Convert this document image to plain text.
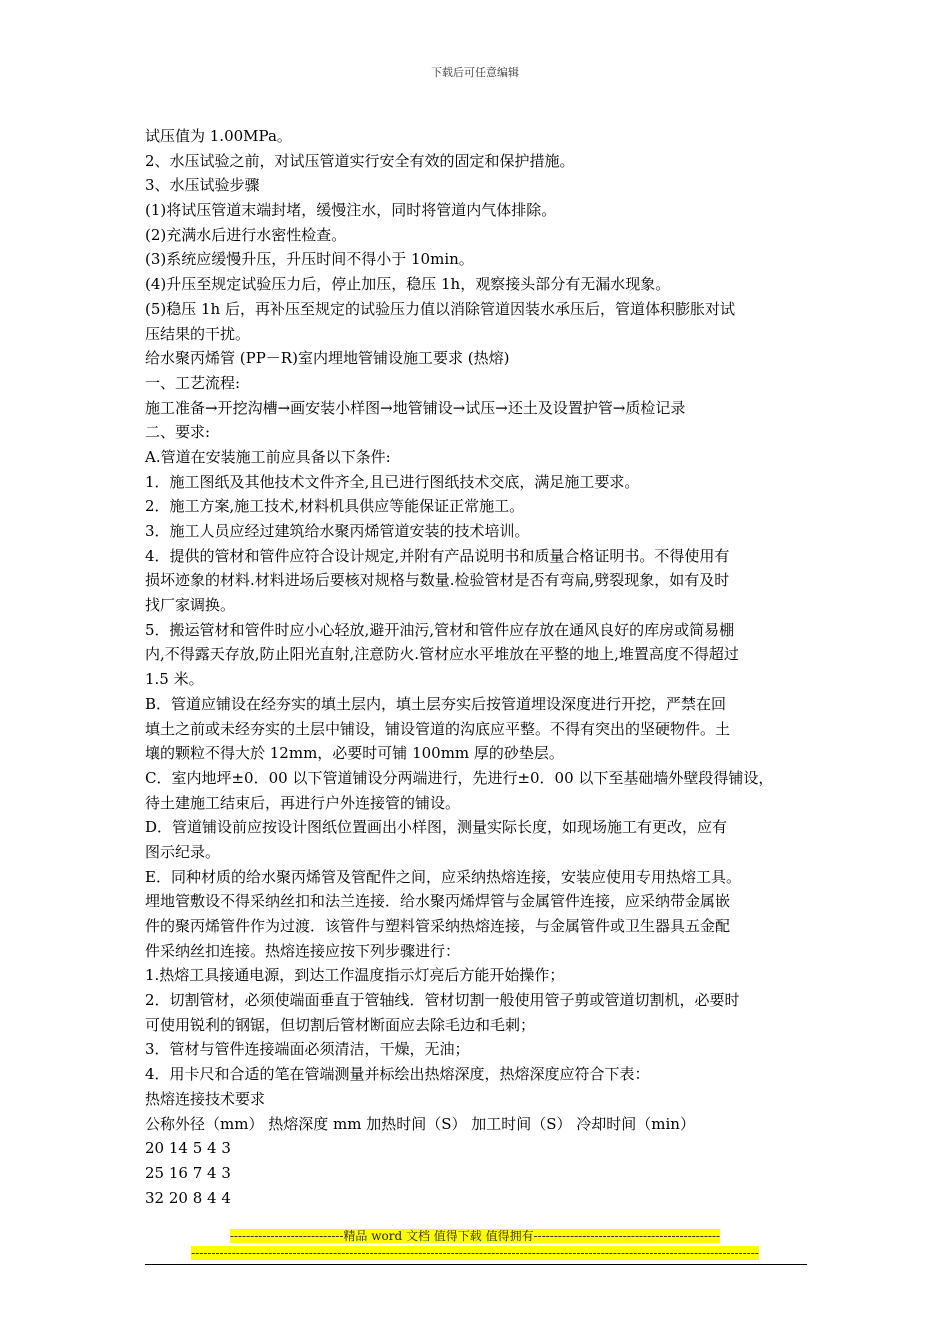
下载后可任意编辑
试压值为 1.00MPa。
2、水压试验之前，对试压管道实行安全有效的固定和保护措施。
3、水压试验步骤
(1)将试压管道末端封堵，缓慢注水，同时将管道内气体排除。
(2)充满水后进行水密性检查。
(3)系统应缓慢升压，升压时间不得小于 10min。
(4)升压至规定试验压力后，停止加压，稳压 1h，观察接头部分有无漏水现象。
(5)稳压 1h 后，再补压至规定的试验压力值以消除管道因装水承压后，管道体积膨胀对试
压结果的干扰。
给水聚丙烯管 (PP－R)室内埋地管铺设施工要求 (热熔)
一、工艺流程:
施工准备→开挖沟槽→画安装小样图→地管铺设→试压→还土及设置护管→质检记录
二、要求:
A.管道在安装施工前应具备以下条件:
1．施工图纸及其他技术文件齐全,且已进行图纸技术交底，满足施工要求。
2．施工方案,施工技术,材料机具供应等能保证正常施工。
3．施工人员应经过建筑给水聚丙烯管道安装的技术培训。
4．提供的管材和管件应符合设计规定,并附有产品说明书和质量合格证明书。不得使用有
损坏迹象的材料.材料进场后要核对规格与数量.检验管材是否有弯扁,劈裂现象，如有及时
找厂家调换。
5．搬运管材和管件时应小心轻放,避开油污,管材和管件应存放在通风良好的库房或简易棚
内,不得露天存放,防止阳光直射,注意防火.管材应水平堆放在平整的地上,堆置高度不得超过
1.5 米。
B．管道应铺设在经夯实的填土层内，填土层夯实后按管道埋设深度进行开挖，严禁在回
填土之前或未经夯实的土层中铺设，铺设管道的沟底应平整。不得有突出的坚硬物件。土
壤的颗粒不得大於 12mm，必要时可铺 100mm 厚的砂垫层。
C．室内地坪±0．00 以下管道铺设分两端进行，先进行±0．00 以下至基础墙外壁段得铺设，
待土建施工结束后，再进行户外连接管的铺设。
D．管道铺设前应按设计图纸位置画出小样图，测量实际长度，如现场施工有更改，应有
图示纪录。
E．同种材质的给水聚丙烯管及管配件之间，应采纳热熔连接，安装应使用专用热熔工具。
埋地管敷设不得采纳丝扣和法兰连接．给水聚丙烯焊管与金属管件连接，应采纳带金属嵌
件的聚丙烯管件作为过渡．该管件与塑料管采纳热熔连接，与金属管件或卫生器具五金配
件采纳丝扣连接。热熔连接应按下列步骤进行：
1.热熔工具接通电源，到达工作温度指示灯亮后方能开始操作；
2．切割管材，必须使端面垂直于管轴线．管材切割一般使用管子剪或管道切割机，必要时
可使用锐利的钢锯，但切割后管材断面应去除毛边和毛刺；
3．管材与管件连接端面必须清洁，干燥，无油；
4．用卡尺和合适的笔在管端测量并标绘出热熔深度，热熔深度应符合下表：
热熔连接技术要求
公称外径（mm） 热熔深度 mm 加热时间（S） 加工时间（S） 冷却时间（min）
20 14 5 4 3
25 16 7 4 3
32 20 8 4 4
----------------------------精品 word 文档 值得下载 值得拥有----------------------------------------------
--------------------------------------------------------------------------------------------------------------------------------------------
